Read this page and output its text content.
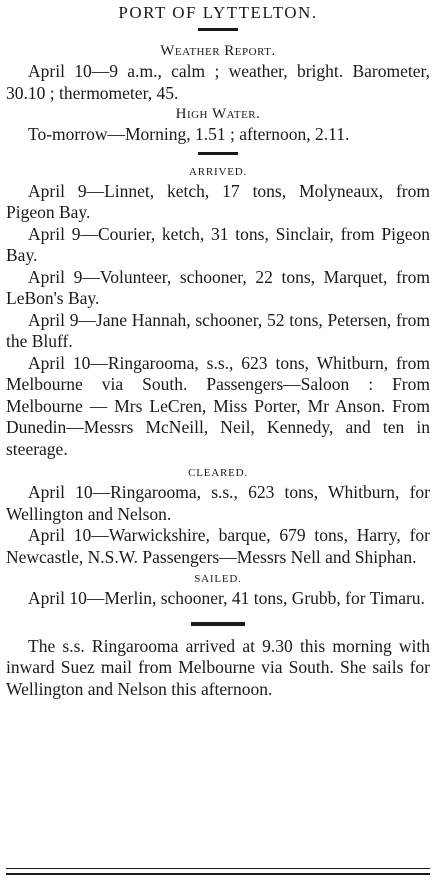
PORT OF LYTTELTON.
Weather Report.

April 10—9 a.m., calm ; weather, bright. Barometer, 30.10 ; thermometer, 45.

High Water.

To-morrow—Morning, 1.51 ; afternoon, 2.11.

ARRIVED.

April 9—Linnet, ketch, 17 tons, Molyneaux, from Pigeon Bay.

April 9—Courier, ketch, 31 tons, Sinclair, from Pigeon Bay.

April 9—Volunteer, schooner, 22 tons, Marquet, from LeBon's Bay.

April 9—Jane Hannah, schooner, 52 tons, Petersen, from the Bluff.

April 10—Ringarooma, s.s., 623 tons, Whitburn, from Melbourne via South. Passengers—Saloon : From Melbourne — Mrs LeCren, Miss Porter, Mr Anson. From Dunedin—Messrs McNeill, Neil, Kennedy, and ten in steerage.

CLEARED.

April 10—Ringarooma, s.s., 623 tons, Whitburn, for Wellington and Nelson.

April 10—Warwickshire, barque, 679 tons, Harry, for Newcastle, N.S.W. Passengers—Messrs Nell and Shiphan.

SAILED.

April 10—Merlin, schooner, 41 tons, Grubb, for Timaru.

The s.s. Ringarooma arrived at 9.30 this morning with inward Suez mail from Melbourne via South. She sails for Wellington and Nelson this afternoon.
